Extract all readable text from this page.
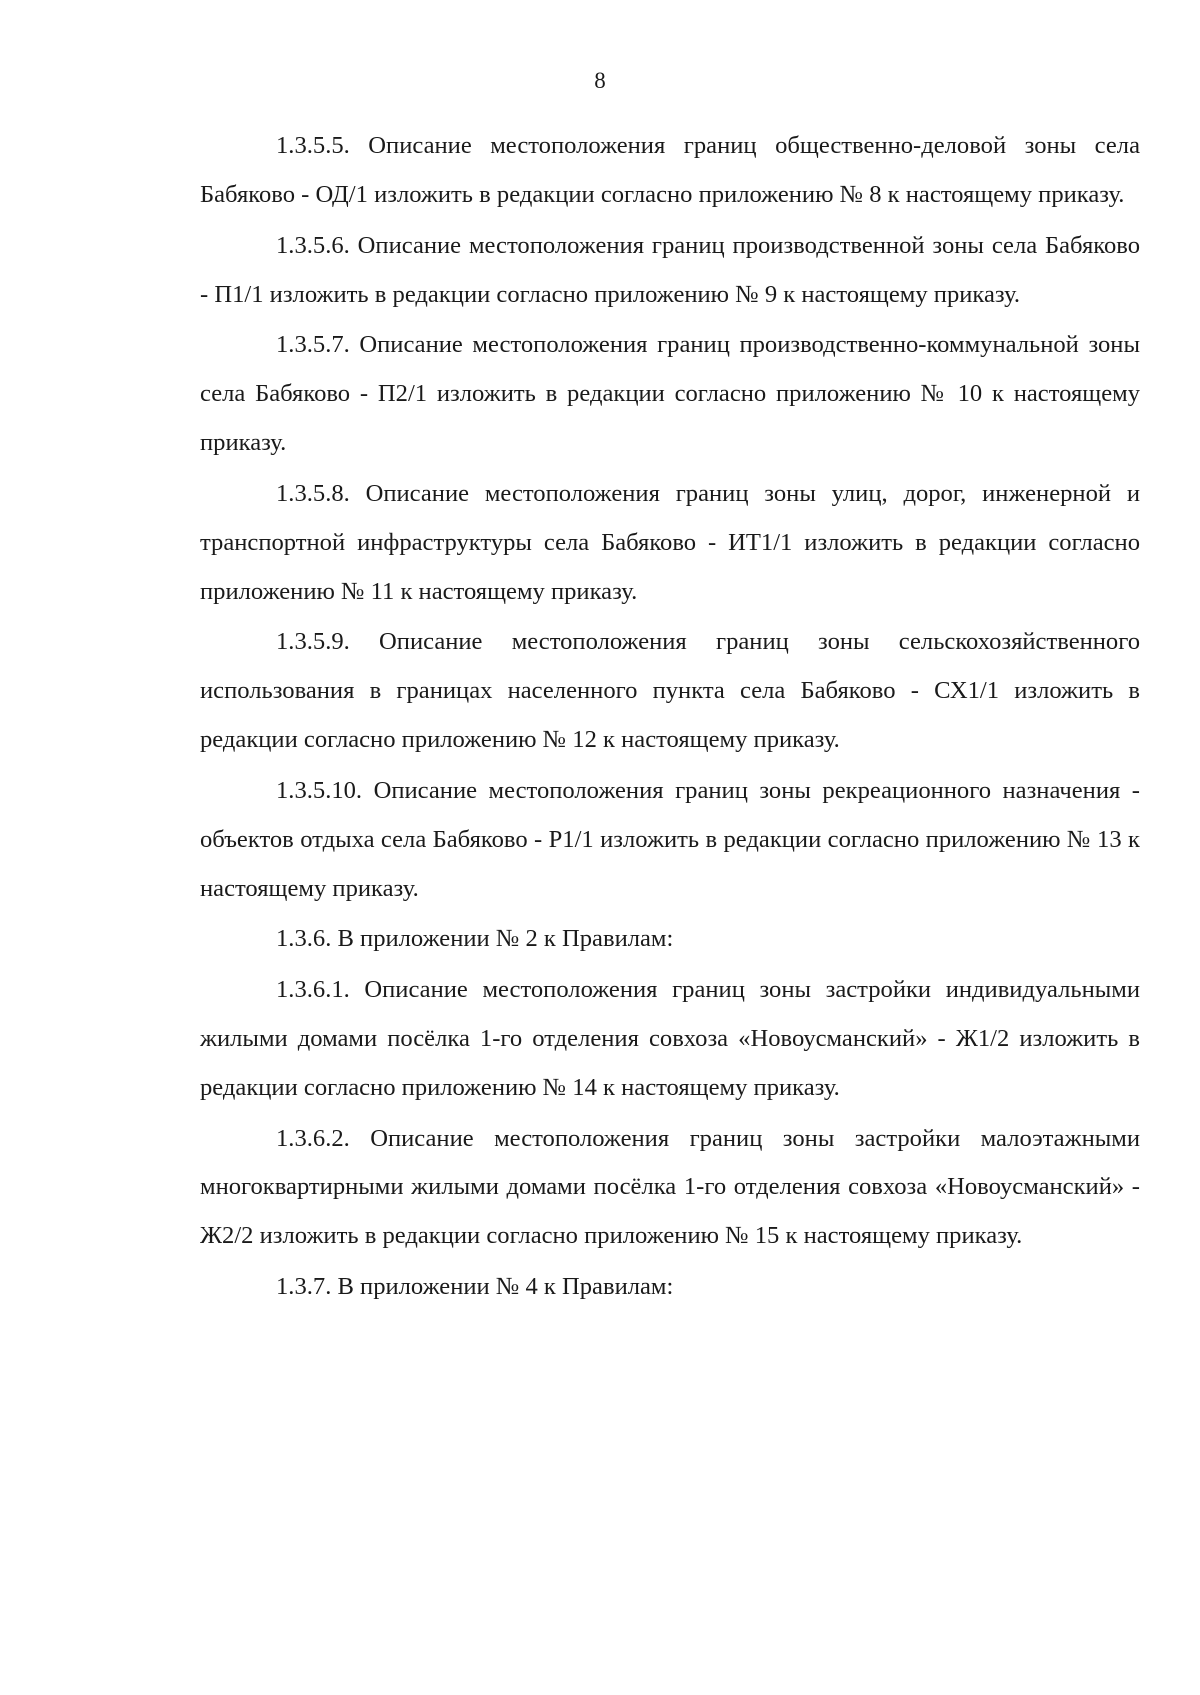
8

1.3.5.5. Описание местоположения границ общественно-деловой зоны села Бабяково - ОД/1 изложить в редакции согласно приложению № 8 к настоящему приказу.

1.3.5.6. Описание местоположения границ производственной зоны села Бабяково - П1/1 изложить в редакции согласно приложению № 9 к настоящему приказу.

1.3.5.7. Описание местоположения границ производственно-коммунальной зоны села Бабяково - П2/1 изложить в редакции согласно приложению № 10 к настоящему приказу.

1.3.5.8. Описание местоположения границ зоны улиц, дорог, инженерной и транспортной инфраструктуры села Бабяково - ИТ1/1 изложить в редакции согласно приложению № 11 к настоящему приказу.

1.3.5.9. Описание местоположения границ зоны сельскохозяйственного использования в границах населенного пункта села Бабяково - СХ1/1 изложить в редакции согласно приложению № 12 к настоящему приказу.

1.3.5.10. Описание местоположения границ зоны рекреационного назначения - объектов отдыха села Бабяково - Р1/1 изложить в редакции согласно приложению № 13 к настоящему приказу.

1.3.6. В приложении № 2 к Правилам:

1.3.6.1. Описание местоположения границ зоны застройки индивидуальными жилыми домами посёлка 1-го отделения совхоза «Новоусманский» - Ж1/2 изложить в редакции согласно приложению № 14 к настоящему приказу.

1.3.6.2. Описание местоположения границ зоны застройки малоэтажными многоквартирными жилыми домами посёлка 1-го отделения совхоза «Новоусманский» - Ж2/2 изложить в редакции согласно приложению № 15 к настоящему приказу.

1.3.7. В приложении № 4 к Правилам:
